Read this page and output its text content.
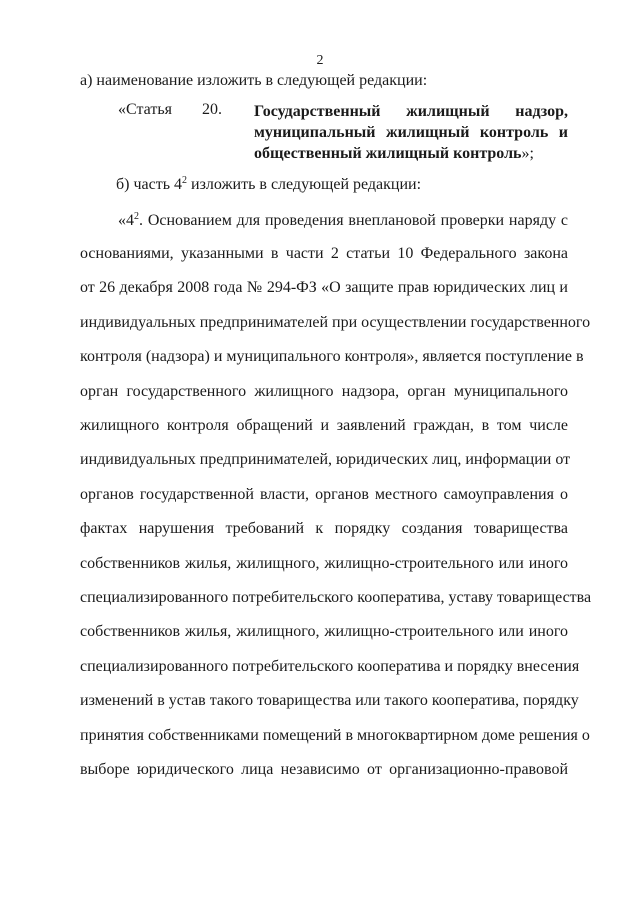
2
а) наименование изложить в следующей редакции:
«Статья 20. Государственный жилищный надзор,
муниципальный жилищный контроль и
общественный жилищный контроль»;
б) часть $4^2$ изложить в следующей редакции:
«$4^2$. Основанием для проведения внеплановой проверки наряду с
основаниями, указанными в части 2 статьи 10 Федерального закона
от 26 декабря 2008 года № 294-ФЗ «О защите прав юридических лиц и
индивидуальных предпринимателей при осуществлении государственного
контроля (надзора) и муниципального контроля», является поступление в
орган государственного жилищного надзора, орган муниципального
жилищного контроля обращений и заявлений граждан, в том числе
индивидуальных предпринимателей, юридических лиц, информации от
органов государственной власти, органов местного самоуправления о
фактах нарушения требований к порядку создания товарищества
собственников жилья, жилищного, жилищно-строительного или иного
специализированного потребительского кооператива, уставу товарищества
собственников жилья, жилищного, жилищно-строительного или иного
специализированного потребительского кооператива и порядку внесения
изменений в устав такого товарищества или такого кооператива, порядку
принятия собственниками помещений в многоквартирном доме решения о
выборе юридического лица независимо от организационно-правовой
